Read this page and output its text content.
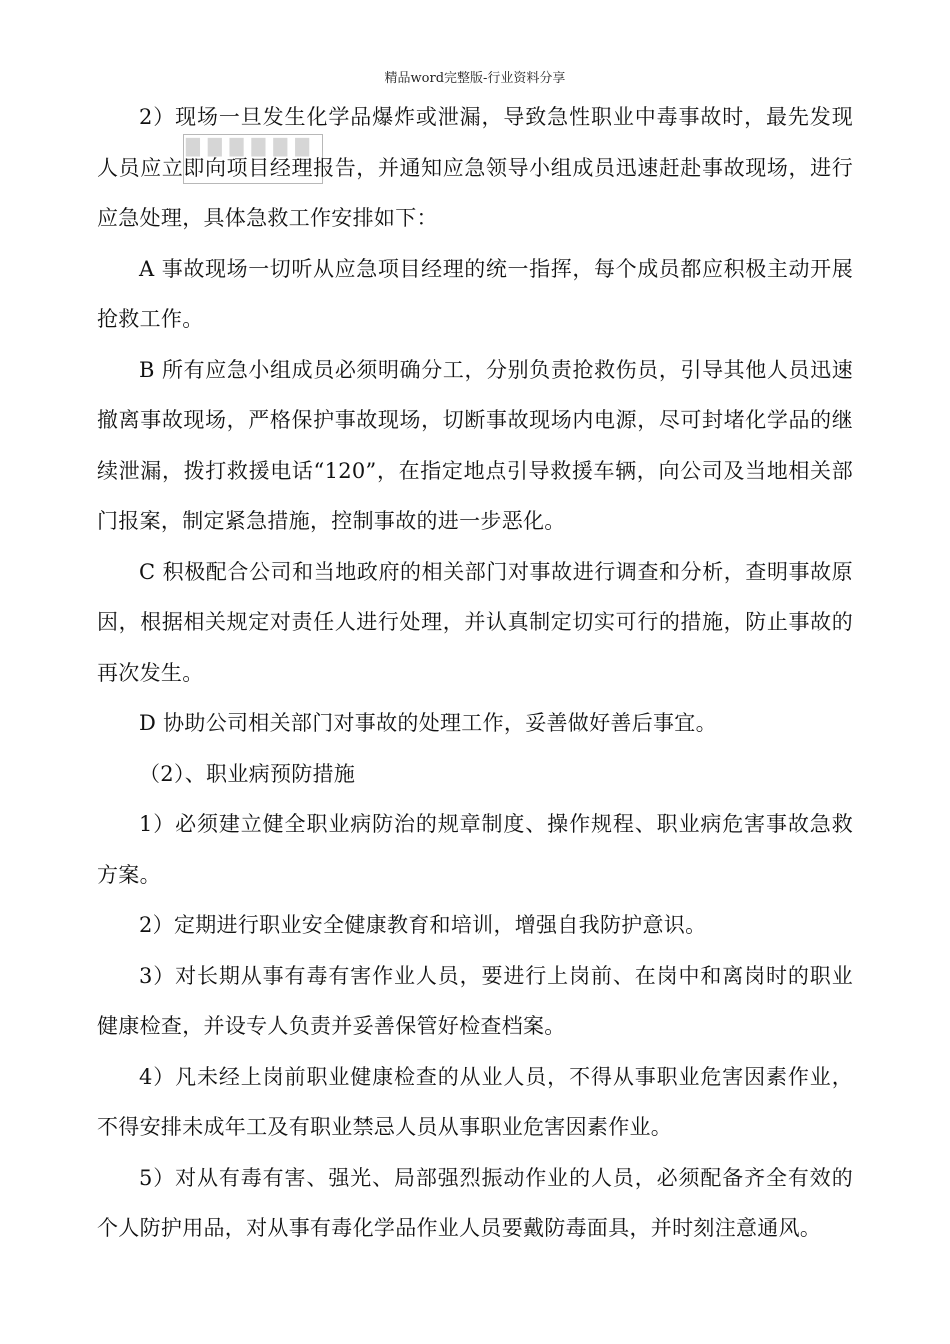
精品word完整版-行业资料分享
▇▇▇▇▇▇

2）现场一旦发生化学品爆炸或泄漏，导致急性职业中毒事故时，最先发现人员应立即向项目经理报告，并通知应急领导小组成员迅速赶赴事故现场，进行应急处理，具体急救工作安排如下：

A 事故现场一切听从应急项目经理的统一指挥，每个成员都应积极主动开展抢救工作。

B 所有应急小组成员必须明确分工，分别负责抢救伤员，引导其他人员迅速撤离事故现场，严格保护事故现场，切断事故现场内电源，尽可封堵化学品的继续泄漏，拨打救援电话“120”，在指定地点引导救援车辆，向公司及当地相关部门报案，制定紧急措施，控制事故的进一步恶化。

C 积极配合公司和当地政府的相关部门对事故进行调查和分析，查明事故原因，根据相关规定对责任人进行处理，并认真制定切实可行的措施，防止事故的再次发生。

D 协助公司相关部门对事故的处理工作，妥善做好善后事宜。

（2）、职业病预防措施

1）必须建立健全职业病防治的规章制度、操作规程、职业病危害事故急救方案。

2）定期进行职业安全健康教育和培训，增强自我防护意识。

3）对长期从事有毒有害作业人员，要进行上岗前、在岗中和离岗时的职业健康检查，并设专人负责并妥善保管好检查档案。

4）凡未经上岗前职业健康检查的从业人员，不得从事职业危害因素作业，不得安排未成年工及有职业禁忌人员从事职业危害因素作业。

5）对从有毒有害、强光、局部强烈振动作业的人员，必须配备齐全有效的个人防护用品，对从事有毒化学品作业人员要戴防毒面具，并时刻注意通风。
